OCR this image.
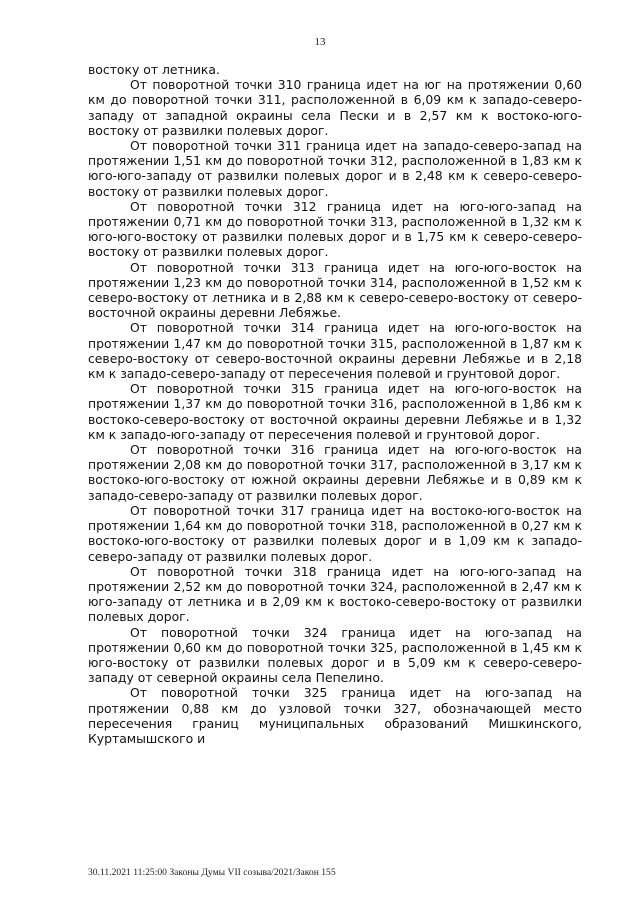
13

востоку от летника.

От поворотной точки 310 граница идет на юг на протяжении 0,60 км до поворотной точки 311, расположенной в 6,09 км к западо-северо-западу от западной окраины села Пески и в 2,57 км к востоко-юго-востоку от развилки полевых дорог.

От поворотной точки 311 граница идет на западо-северо-запад на протяжении 1,51 км до поворотной точки 312, расположенной в 1,83 км к юго-юго-западу от развилки полевых дорог и в 2,48 км к северо-северо-востоку от развилки полевых дорог.

От поворотной точки 312 граница идет на юго-юго-запад на протяжении 0,71 км до поворотной точки 313, расположенной в 1,32 км к юго-юго-востоку от развилки полевых дорог и в 1,75 км к северо-северо-востоку от развилки полевых дорог.

От поворотной точки 313 граница идет на юго-юго-восток на протяжении 1,23 км до поворотной точки 314, расположенной в 1,52 км к северо-востоку от летника и в 2,88 км к северо-северо-востоку от северо-восточной окраины деревни Лебяжье.

От поворотной точки 314 граница идет на юго-юго-восток на протяжении 1,47 км до поворотной точки 315, расположенной в 1,87 км к северо-востоку от северо-восточной окраины деревни Лебяжье и в 2,18 км к западо-северо-западу от пересечения полевой и грунтовой дорог.

От поворотной точки 315 граница идет на юго-юго-восток на протяжении 1,37 км до поворотной точки 316, расположенной в 1,86 км к востоко-северо-востоку от восточной окраины деревни Лебяжье и в 1,32 км к западо-юго-западу от пересечения полевой и грунтовой дорог.

От поворотной точки 316 граница идет на юго-юго-восток на протяжении 2,08 км до поворотной точки 317, расположенной в 3,17 км к востоко-юго-востоку от южной окраины деревни Лебяжье и в 0,89 км к западо-северо-западу от развилки полевых дорог.

От поворотной точки 317 граница идет на востоко-юго-восток на протяжении 1,64 км до поворотной точки 318, расположенной в 0,27 км к востоко-юго-востоку от развилки полевых дорог и в 1,09 км к западо-северо-западу от развилки полевых дорог.

От поворотной точки 318 граница идет на юго-юго-запад на протяжении 2,52 км до поворотной точки 324, расположенной в 2,47 км к юго-западу от летника и в 2,09 км к востоко-северо-востоку от развилки полевых дорог.

От поворотной точки 324 граница идет на юго-запад на протяжении 0,60 км до поворотной точки 325, расположенной в 1,45 км к юго-востоку от развилки полевых дорог и в 5,09 км к северо-северо-западу от северной окраины села Пепелино.

От поворотной точки 325 граница идет на юго-запад на протяжении 0,88 км до узловой точки 327, обозначающей место пересечения границ муниципальных образований Мишкинского, Куртамышского и

30.11.2021 11:25:00 Законы Думы VII созыва/2021/Закон 155
